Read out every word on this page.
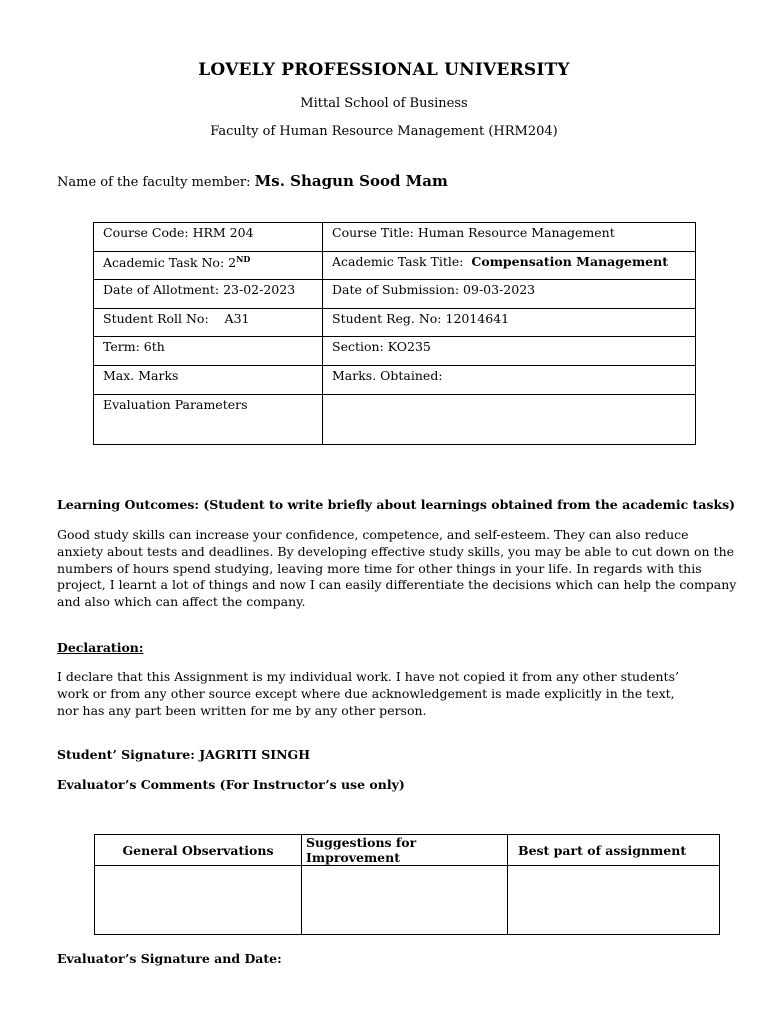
LOVELY PROFESSIONAL UNIVERSITY
Mittal School of Business
Faculty of Human Resource Management (HRM204)
Name of the faculty member: Ms. Shagun Sood Mam
Course Code: HRM 204	Course Title: Human Resource Management
Academic Task No: 2ND	Academic Task Title: Compensation Management
Date of Allotment: 23-02-2023	Date of Submission: 09-03-2023
Student Roll No:    A31	Student Reg. No: 12014641
Term: 6th	Section: KO235
Max. Marks	Marks. Obtained:
Evaluation Parameters	
Learning Outcomes: (Student to write briefly about learnings obtained from the academic tasks)
Good study skills can increase your confidence, competence, and self-esteem. They can also reduce anxiety about tests and deadlines. By developing effective study skills, you may be able to cut down on the numbers of hours spend studying, leaving more time for other things in your life. In regards with this project, I learnt a lot of things and now I can easily differentiate the decisions which can help the company and also which can affect the company.
Declaration:
I declare that this Assignment is my individual work. I have not copied it from any other students’
work or from any other source except where due acknowledgement is made explicitly in the text,
nor has any part been written for me by any other person.
Student’ Signature: JAGRITI SINGH
Evaluator’s Comments (For Instructor’s use only)
General Observations	Suggestions for Improvement	Best part of assignment

Evaluator’s Signature and Date:
